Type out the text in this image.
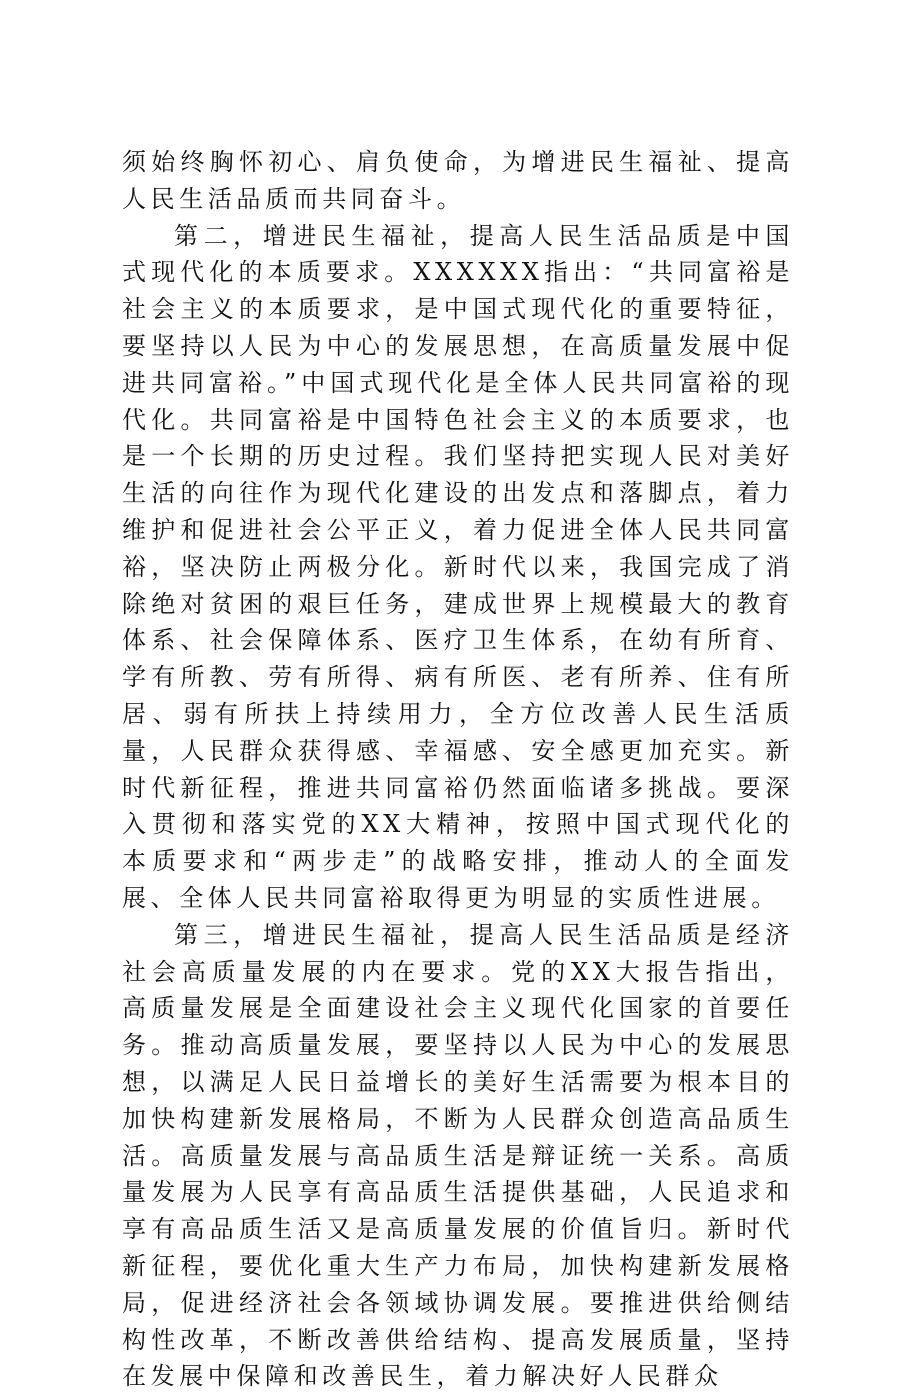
须始终胸怀初心、肩负使命，为增进民生福祉、提高人民生活品质而共同奋斗。

第二，增进民生福祉，提高人民生活品质是中国式现代化的本质要求。XXXXXX指出：“共同富裕是社会主义的本质要求，是中国式现代化的重要特征，要坚持以人民为中心的发展思想，在高质量发展中促进共同富裕。”中国式现代化是全体人民共同富裕的现代化。共同富裕是中国特色社会主义的本质要求，也是一个长期的历史过程。我们坚持把实现人民对美好生活的向往作为现代化建设的出发点和落脚点，着力维护和促进社会公平正义，着力促进全体人民共同富裕，坚决防止两极分化。新时代以来，我国完成了消除绝对贫困的艰巨任务，建成世界上规模最大的教育体系、社会保障体系、医疗卫生体系，在幼有所育、学有所教、劳有所得、病有所医、老有所养、住有所居、弱有所扶上持续用力，全方位改善人民生活质量，人民群众获得感、幸福感、安全感更加充实。新时代新征程，推进共同富裕仍然面临诸多挑战。要深入贯彻和落实党的XX大精神，按照中国式现代化的本质要求和“两步走”的战略安排，推动人的全面发展、全体人民共同富裕取得更为明显的实质性进展。

第三，增进民生福祉，提高人民生活品质是经济社会高质量发展的内在要求。党的XX大报告指出，高质量发展是全面建设社会主义现代化国家的首要任务。推动高质量发展，要坚持以人民为中心的发展思想，以满足人民日益增长的美好生活需要为根本目的加快构建新发展格局，不断为人民群众创造高品质生活。高质量发展与高品质生活是辩证统一关系。高质量发展为人民享有高品质生活提供基础，人民追求和享有高品质生活又是高质量发展的价值旨归。新时代新征程，要优化重大生产力布局，加快构建新发展格局，促进经济社会各领域协调发展。要推进供给侧结构性改革，不断改善供给结构、提高发展质量，坚持在发展中保障和改善民生，着力解决好人民群众
